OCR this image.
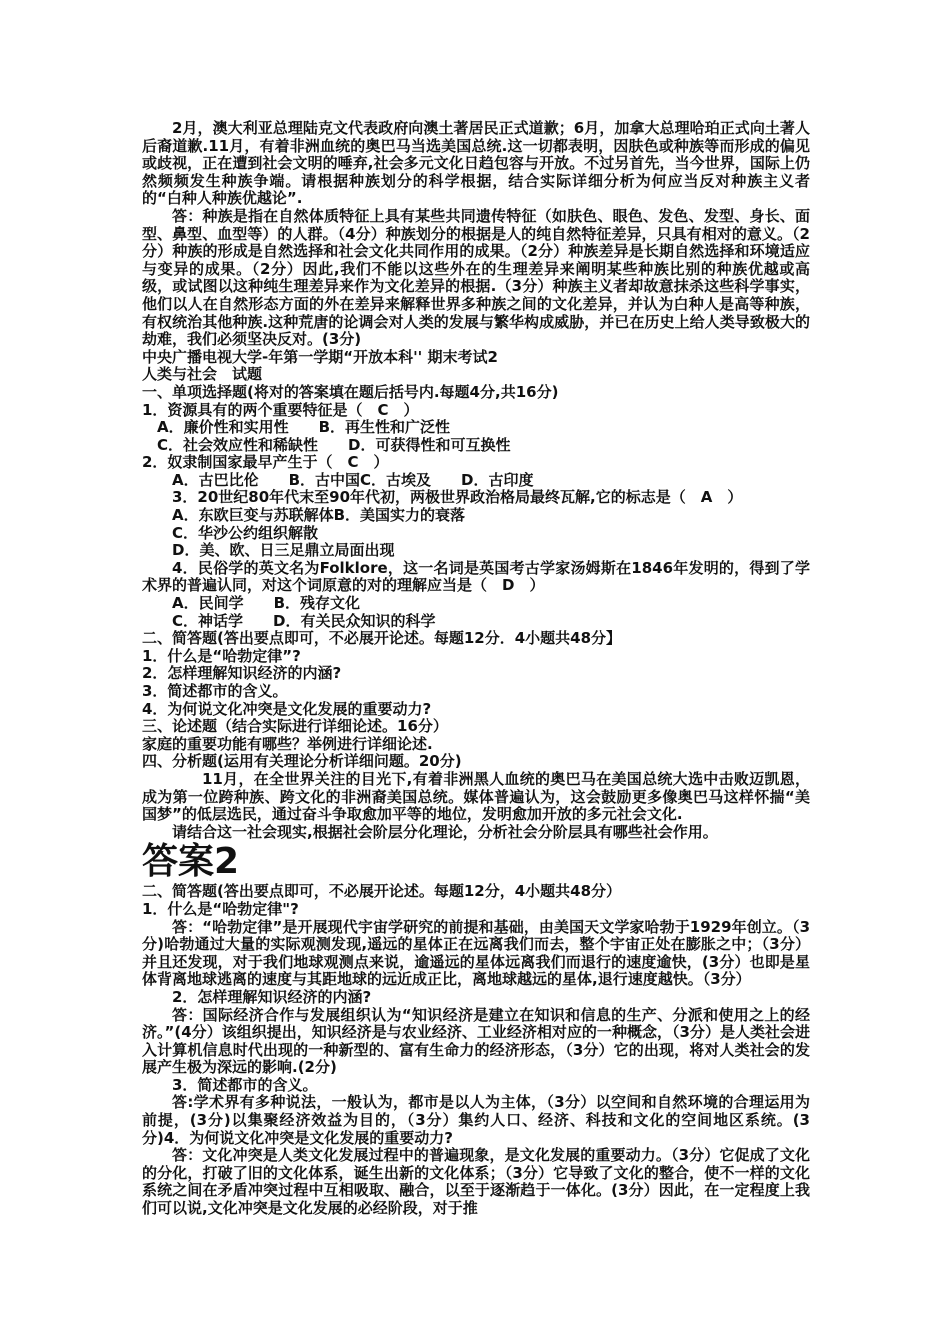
2月，澳大利亚总理陆克文代表政府向澳土著居民正式道歉；6月，加拿大总理哈珀正式向土著人后裔道歉.11月，有着非洲血统的奥巴马当选美国总统.这一切都表明，因肤色或种族等而形成的偏见或歧视，正在遭到社会文明的唾弃,社会多元文化日趋包容与开放。不过另首先，当今世界，国际上仍然频频发生种族争端。请根据种族划分的科学根据，结合实际详细分析为何应当反对种族主义者的“白种人种族优越论”.

答：种族是指在自然体质特征上具有某些共同遗传特征（如肤色、眼色、发色、发型、身长、面型、鼻型、血型等）的人群。（4分）种族划分的根据是人的纯自然特征差异，只具有相对的意义。（2分）种族的形成是自然选择和社会文化共同作用的成果。（2分）种族差异是长期自然选择和环境适应与变异的成果。（2分）因此,我们不能以这些外在的生理差异来阐明某些种族比别的种族优越或高级，或试图以这种纯生理差异来作为文化差异的根据.（3分）种族主义者却故意抹杀这些科学事实，他们以人在自然形态方面的外在差异来解释世界多种族之间的文化差异，并认为白种人是高等种族，有权统治其他种族.这种荒唐的论调会对人类的发展与繁华构成威胁，并已在历史上给人类导致极大的劫难，我们必须坚决反对。(3分)

中央广播电视大学-年第一学期“开放本科'' 期末考试2

人类与社会　试题

一、单项选择题(将对的答案填在题后括号内.每题4分,共16分)

1．资源具有的两个重要特征是（　C　）

A．廉价性和实用性　　B．再生性和广泛性

C．社会效应性和稀缺性　　D．可获得性和可互换性

2．奴隶制国家最早产生于（　C　）

A．古巴比伦　　B．古中国C．古埃及　　D．古印度

3．20世纪80年代末至90年代初，两极世界政治格局最终瓦解,它的标志是（　A　）

A．东欧巨变与苏联解体B．美国实力的衰落

C．华沙公约组织解散

D．美、欧、日三足鼎立局面出现

4．民俗学的英文名为Folklore，这一名词是英国考古学家汤姆斯在1846年发明的，得到了学术界的普遍认同，对这个词原意的对的理解应当是（　D　）

A．民间学　　B．残存文化

C．神话学　　D．有关民众知识的科学

二、简答题(答出要点即可，不必展开论述。每题12分．4小题共48分】

1．什么是“哈勃定律”?

2．怎样理解知识经济的内涵?

3．简述都市的含义。

4．为何说文化冲突是文化发展的重要动力?

三、论述题（结合实际进行详细论述。16分）

家庭的重要功能有哪些？举例进行详细论述.

四、分析题(运用有关理论分析详细问题。20分)

11月，在全世界关注的目光下,有着非洲黑人血统的奥巴马在美国总统大选中击败迈凯恩，成为第一位跨种族、跨文化的非洲裔美国总统。媒体普遍认为，这会鼓励更多像奥巴马这样怀揣“美国梦”的低层选民，通过奋斗争取愈加平等的地位，发明愈加开放的多元社会文化.

请结合这一社会现实,根据社会阶层分化理论，分析社会分阶层具有哪些社会作用。

答案2

二、简答题(答出要点即可，不必展开论述。每题12分，4小题共48分）

1．什么是“哈勃定律"?

答：“哈勃定律”是开展现代宇宙学研究的前提和基础，由美国天文学家哈勃于1929年创立。（3分)哈勃通过大量的实际观测发现,遥远的星体正在远离我们而去，整个宇宙正处在膨胀之中；（3分）并且还发现，对于我们地球观测点来说，逾遥远的星体远离我们而退行的速度逾快，(3分）也即是星体背离地球逃离的速度与其距地球的远近成正比，离地球越远的星体,退行速度越快。（3分）

2．怎样理解知识经济的内涵?

答：国际经济合作与发展组织认为“知识经济是建立在知识和信息的生产、分派和使用之上的经济。”(4分）该组织提出，知识经济是与农业经济、工业经济相对应的一种概念，（3分）是人类社会进入计算机信息时代出现的一种新型的、富有生命力的经济形态，（3分）它的出现，将对人类社会的发展产生极为深远的影响.(2分)

3．简述都市的含义。

答:学术界有多种说法，一般认为，都市是以人为主体，（3分）以空间和自然环境的合理运用为前提，(3分)以集聚经济效益为目的，（3分）集约人口、经济、科技和文化的空间地区系统。(3分)4．为何说文化冲突是文化发展的重要动力?

答：文化冲突是人类文化发展过程中的普遍现象，是文化发展的重要动力。（3分）它促成了文化的分化，打破了旧的文化体系，诞生出新的文化体系；（3分）它导致了文化的整合，使不一样的文化系统之间在矛盾冲突过程中互相吸取、融合，以至于逐渐趋于一体化。(3分）因此，在一定程度上我们可以说,文化冲突是文化发展的必经阶段，对于推
